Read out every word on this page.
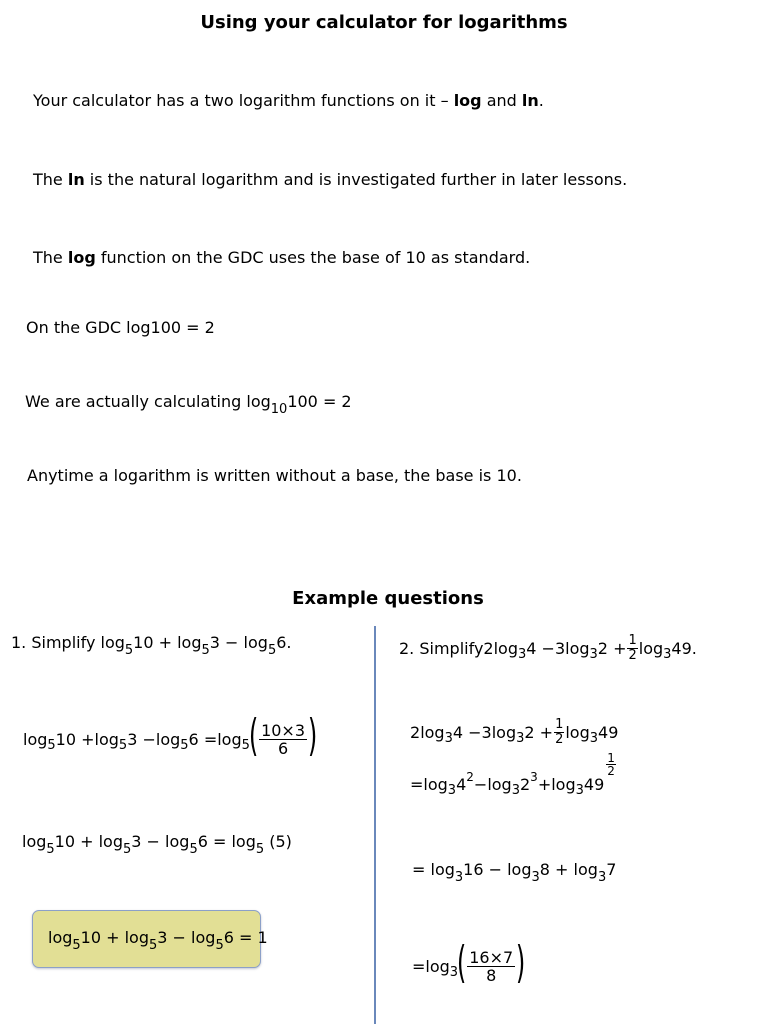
Using your calculator for logarithms
Your calculator has a two logarithm functions on it – log and ln.
The ln is the natural logarithm and is investigated further in later lessons.
The log function on the GDC uses the base of 10 as standard.
On the GDC log100 = 2
We are actually calculating $\log_{10}100 = 2$
Anytime a logarithm is written without a base, the base is 10.
Example questions
1. Simplify $\log_510 + \log_53 - \log_56$.
log 5 10 + log 5 3 − log 5 6 = log 5
( $\frac{10\times 3}{6}$ )
$\log_510 + \log_53 - \log_56 = \log_5 (5)$
$\log_510 + \log_53 - \log_56 = 1$
2. Simplify 2 log 3 4 − 3 log 3 $2 + \frac{1}{2}$ log 3 49.
2 log 3 4 − 3 log 3 $2 + \frac{1}{2}$ log 3 49
= log 3 4 2 − log 3 2 3 + log 3 49
$\frac{1}{2}$
= $\log_316 - \log_38 + \log_37$
= log 3
( $\frac{16\times 7}{8}$ )
